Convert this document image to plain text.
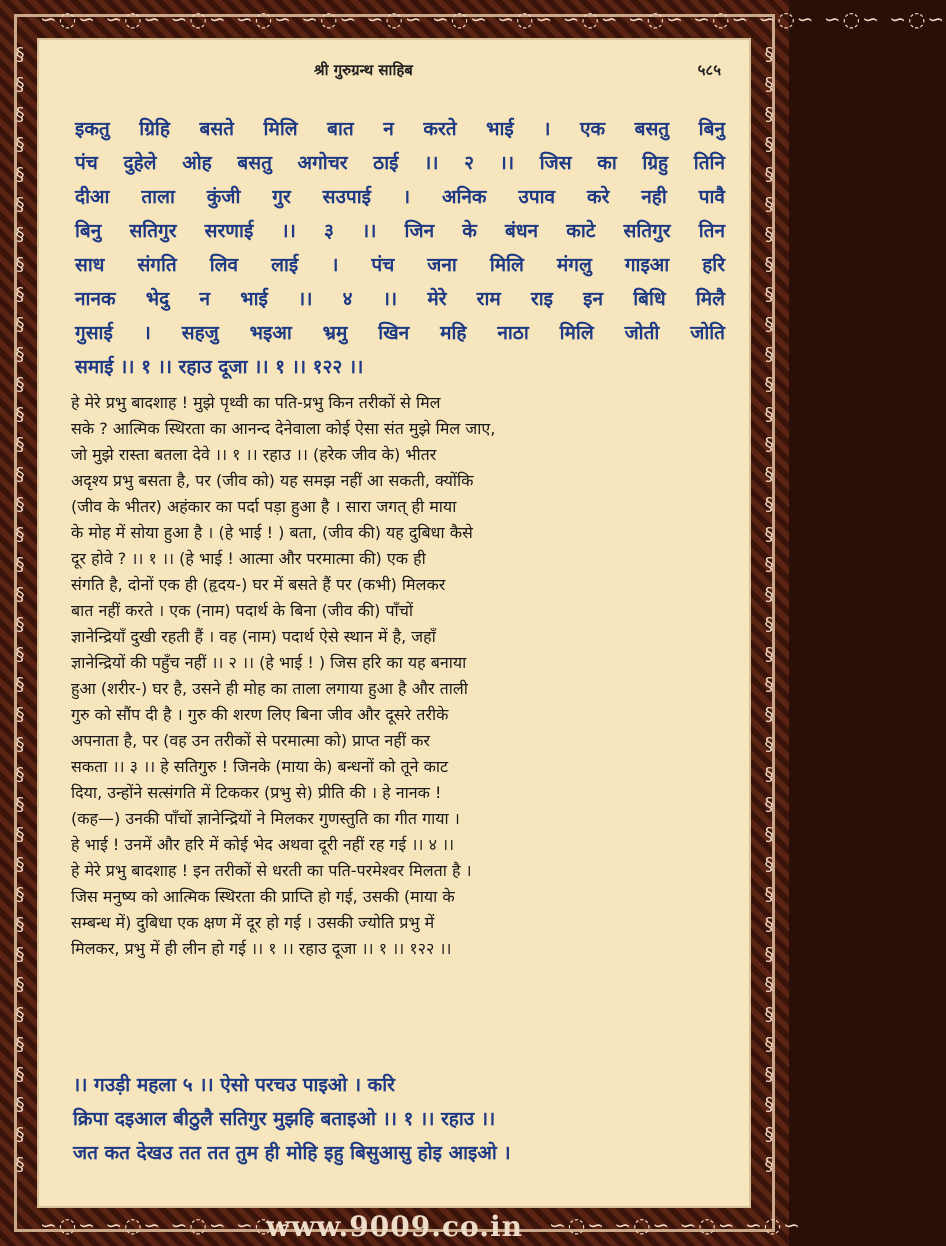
∽◌∽ ∽◌∽ ∽◌∽ ∽◌∽ ∽◌∽ ∽◌∽ ∽◌∽ ∽◌∽ ∽◌∽ ∽◌∽ ∽◌∽ ∽◌∽ ∽◌∽ ∽◌∽
∽◌∽ ∽◌∽ ∽◌∽ ∽◌∽	∽◌∽ ∽◌∽ ∽◌∽ ∽◌∽
§ § § § § § § § § § § § § § § § § § § § § § § § § § § § § § § § § § § § § §
§ § § § § § § § § § § § § § § § § § § § § § § § § § § § § § § § § § § § § §
श्री गुरुग्रन्थ साहिब	५८५
इकतु ग्रिहि बसते मिलि बात न करते भाई । एक बसतु बिनु
पंच दुहेले ओह बसतु अगोचर ठाई ।। २ ।। जिस का ग्रिहु तिनि
दीआ ताला कुंजी गुर सउपाई । अनिक उपाव करे नही पावै
बिनु सतिगुर सरणाई ।। ३ ।। जिन के बंधन काटे सतिगुर तिन
साध संगति लिव लाई । पंच जना मिलि मंगलु गाइआ हरि
नानक भेदु न भाई ।। ४ ।। मेरे राम राइ इन बिधि मिलै
गुसाई । सहजु भइआ भ्रमु खिन महि नाठा मिलि जोती जोति
समाई ।। १ ।। रहाउ दूजा ।। १ ।। १२२ ।।
हे मेरे प्रभु बादशाह ! मुझे पृथ्वी का पति-प्रभु किन तरीकों से मिल
सके ? आत्मिक स्थिरता का आनन्द देनेवाला कोई ऐसा संत मुझे मिल जाए,
जो मुझे रास्ता बतला देवे ।। १ ।। रहाउ ।। (हरेक जीव के) भीतर
अदृश्य प्रभु बसता है, पर (जीव को) यह समझ नहीं आ सकती, क्योंकि
(जीव के भीतर) अहंकार का पर्दा पड़ा हुआ है । सारा जगत् ही माया
के मोह में सोया हुआ है । (हे भाई ! ) बता, (जीव की) यह दुबिधा कैसे
दूर होवे ? ।। १ ।। (हे भाई ! आत्मा और परमात्मा की) एक ही
संगति है, दोनों एक ही (हृदय-) घर में बसते हैं पर (कभी) मिलकर
बात नहीं करते । एक (नाम) पदार्थ के बिना (जीव की) पाँचों
ज्ञानेन्द्रियाँ दुखी रहती हैं । वह (नाम) पदार्थ ऐसे स्थान में है, जहाँ
ज्ञानेन्द्रियों की पहुँच नहीं ।। २ ।। (हे भाई ! ) जिस हरि का यह बनाया
हुआ (शरीर-) घर है, उसने ही मोह का ताला लगाया हुआ है और ताली
गुरु को सौंप दी है । गुरु की शरण लिए बिना जीव और दूसरे तरीके
अपनाता है, पर (वह उन तरीकों से परमात्मा को) प्राप्त नहीं कर
सकता ।। ३ ।। हे सतिगुरु ! जिनके (माया के) बन्धनों को तूने काट
दिया, उन्होंने सत्संगति में टिककर (प्रभु से) प्रीति की । हे नानक !
(कह—) उनकी पाँचों ज्ञानेन्द्रियों ने मिलकर गुणस्तुति का गीत गाया ।
हे भाई ! उनमें और हरि में कोई भेद अथवा दूरी नहीं रह गई ।। ४ ।।
हे मेरे प्रभु बादशाह ! इन तरीकों से धरती का पति-परमेश्वर मिलता है ।
जिस मनुष्य को आत्मिक स्थिरता की प्राप्ति हो गई, उसकी (माया के
सम्बन्ध में) दुबिधा एक क्षण में दूर हो गई । उसकी ज्योति प्रभु में
मिलकर, प्रभु में ही लीन हो गई ।। १ ।। रहाउ दूजा ।। १ ।। १२२ ।।
।। गउड़ी महला ५ ।। ऐसो परचउ पाइओ । करि
क्रिपा दइआल बीठुलै सतिगुर मुझहि बताइओ ।। १ ।। रहाउ ।।
जत कत देखउ तत तत तुम ही मोहि इहु बिसुआसु होइ आइओ ।
www.9009.co.in
